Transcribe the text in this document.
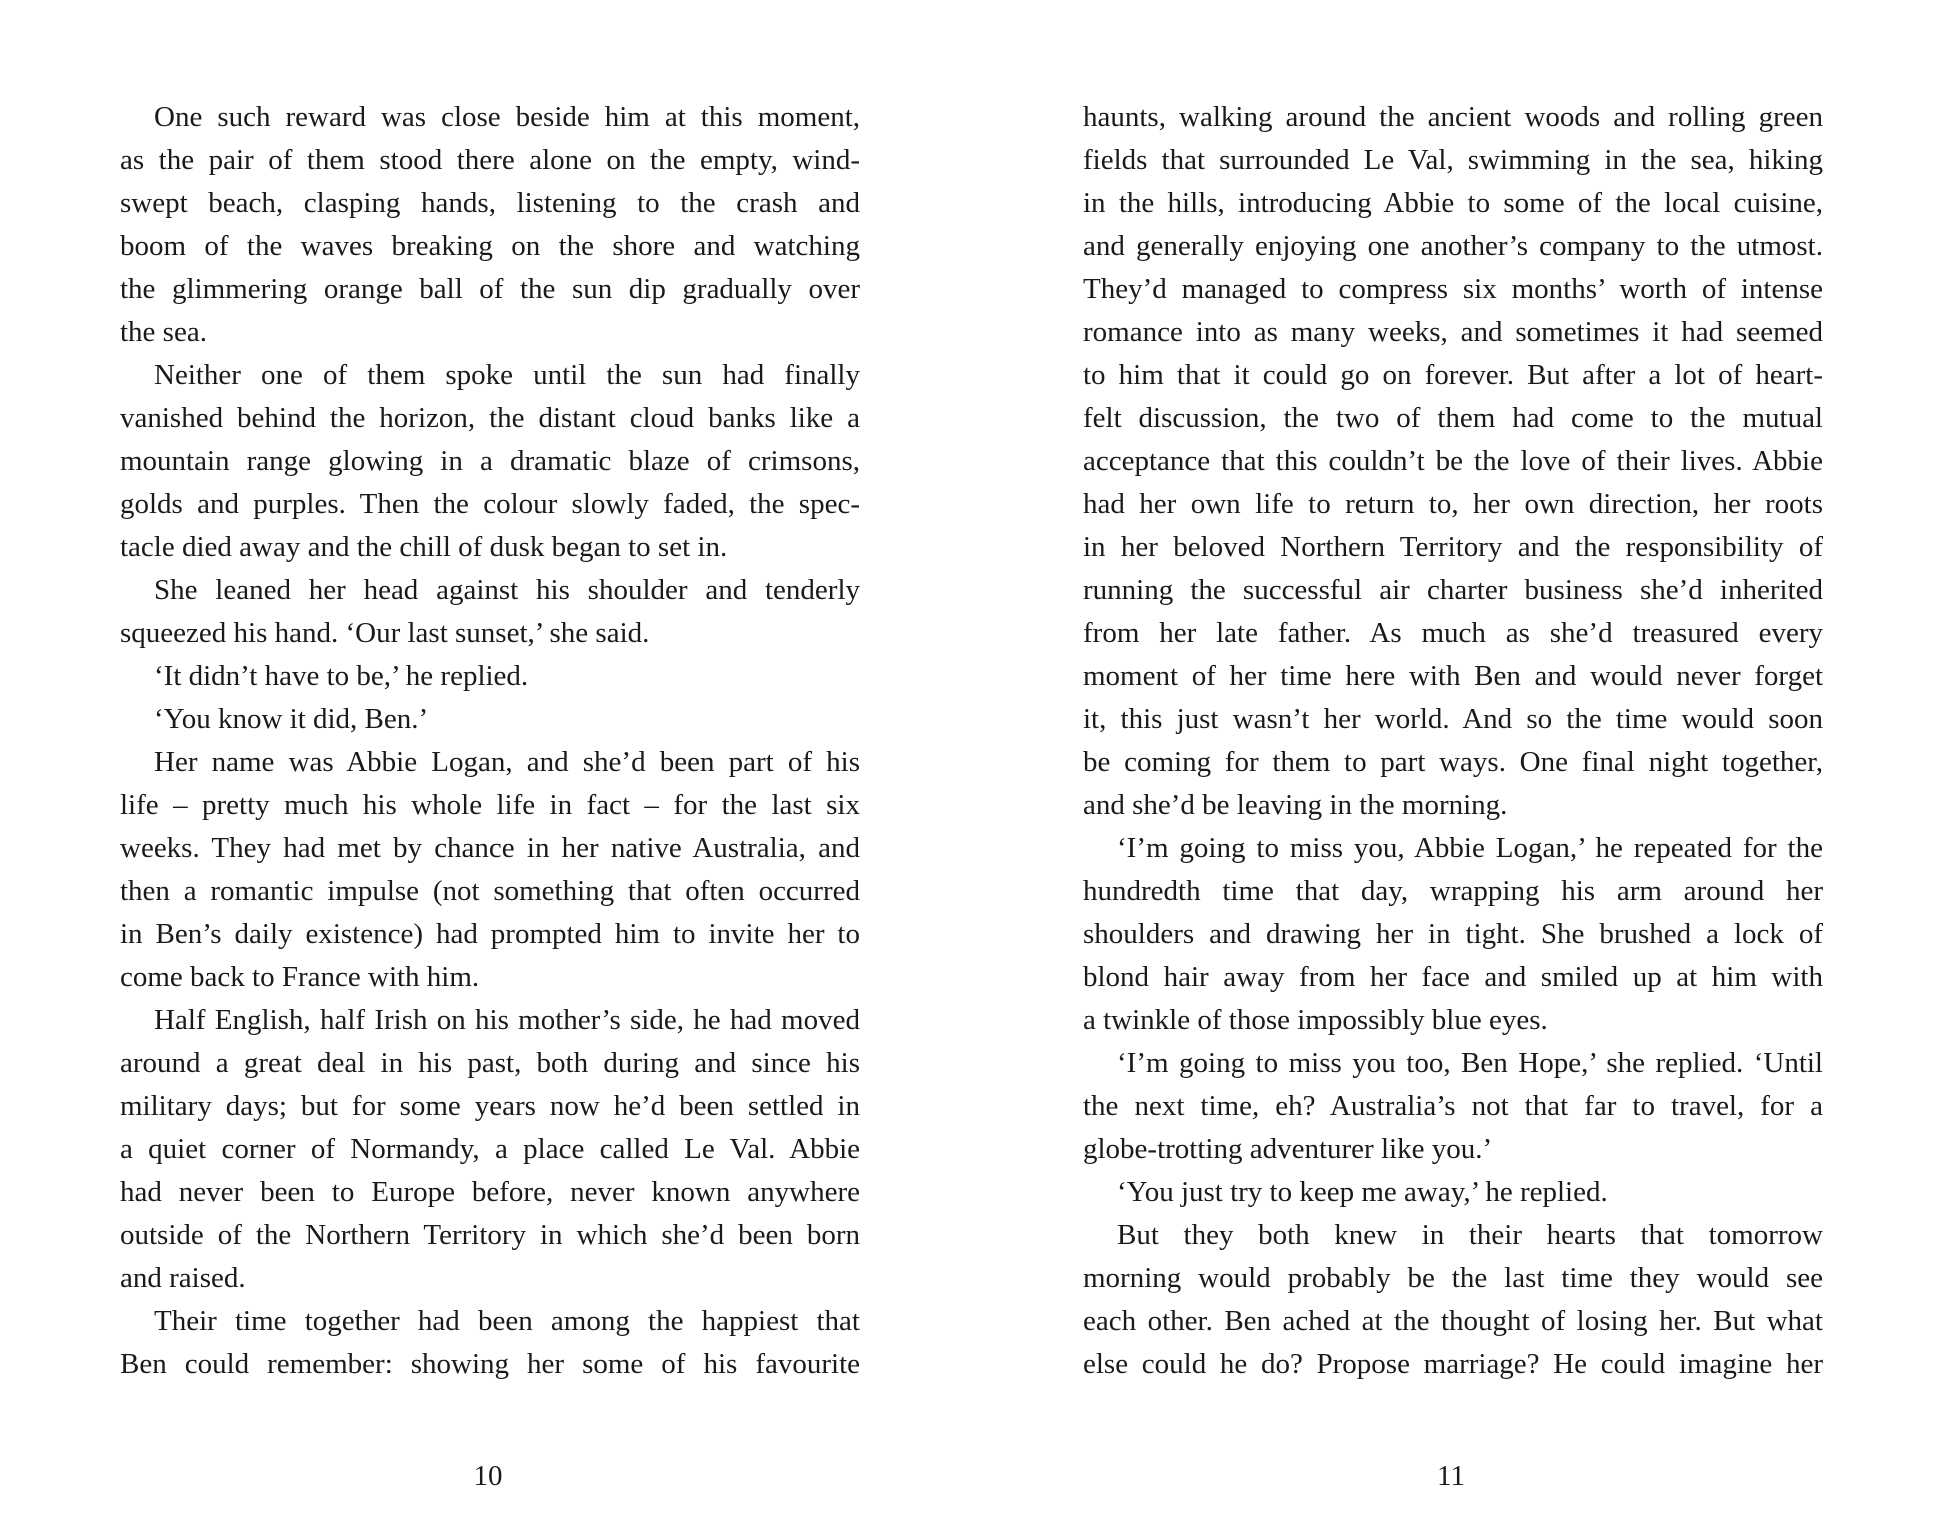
One such reward was close beside him at this moment,
as the pair of them stood there alone on the empty, wind-
swept beach, clasping hands, listening to the crash and
boom of the waves breaking on the shore and watching
the glimmering orange ball of the sun dip gradually over
the sea.
Neither one of them spoke until the sun had finally
vanished behind the horizon, the distant cloud banks like a
mountain range glowing in a dramatic blaze of crimsons,
golds and purples. Then the colour slowly faded, the spec-
tacle died away and the chill of dusk began to set in.
She leaned her head against his shoulder and tenderly
squeezed his hand. ‘Our last sunset,’ she said.
‘It didn’t have to be,’ he replied.
‘You know it did, Ben.’
Her name was Abbie Logan, and she’d been part of his
life – pretty much his whole life in fact – for the last six
weeks. They had met by chance in her native Australia, and
then a romantic impulse (not something that often occurred
in Ben’s daily existence) had prompted him to invite her to
come back to France with him.
Half English, half Irish on his mother’s side, he had moved
around a great deal in his past, both during and since his
military days; but for some years now he’d been settled in
a quiet corner of Normandy, a place called Le Val. Abbie
had never been to Europe before, never known anywhere
outside of the Northern Territory in which she’d been born
and raised.
Their time together had been among the happiest that
Ben could remember: showing her some of his favourite
10
haunts, walking around the ancient woods and rolling green
fields that surrounded Le Val, swimming in the sea, hiking
in the hills, introducing Abbie to some of the local cuisine,
and generally enjoying one another’s company to the utmost.
They’d managed to compress six months’ worth of intense
romance into as many weeks, and sometimes it had seemed
to him that it could go on forever. But after a lot of heart-
felt discussion, the two of them had come to the mutual
acceptance that this couldn’t be the love of their lives. Abbie
had her own life to return to, her own direction, her roots
in her beloved Northern Territory and the responsibility of
running the successful air charter business she’d inherited
from her late father. As much as she’d treasured every
moment of her time here with Ben and would never forget
it, this just wasn’t her world. And so the time would soon
be coming for them to part ways. One final night together,
and she’d be leaving in the morning.
‘I’m going to miss you, Abbie Logan,’ he repeated for the
hundredth time that day, wrapping his arm around her
shoulders and drawing her in tight. She brushed a lock of
blond hair away from her face and smiled up at him with
a twinkle of those impossibly blue eyes.
‘I’m going to miss you too, Ben Hope,’ she replied. ‘Until
the next time, eh? Australia’s not that far to travel, for a
globe-trotting adventurer like you.’
‘You just try to keep me away,’ he replied.
But they both knew in their hearts that tomorrow
morning would probably be the last time they would see
each other. Ben ached at the thought of losing her. But what
else could he do? Propose marriage? He could imagine her
11
